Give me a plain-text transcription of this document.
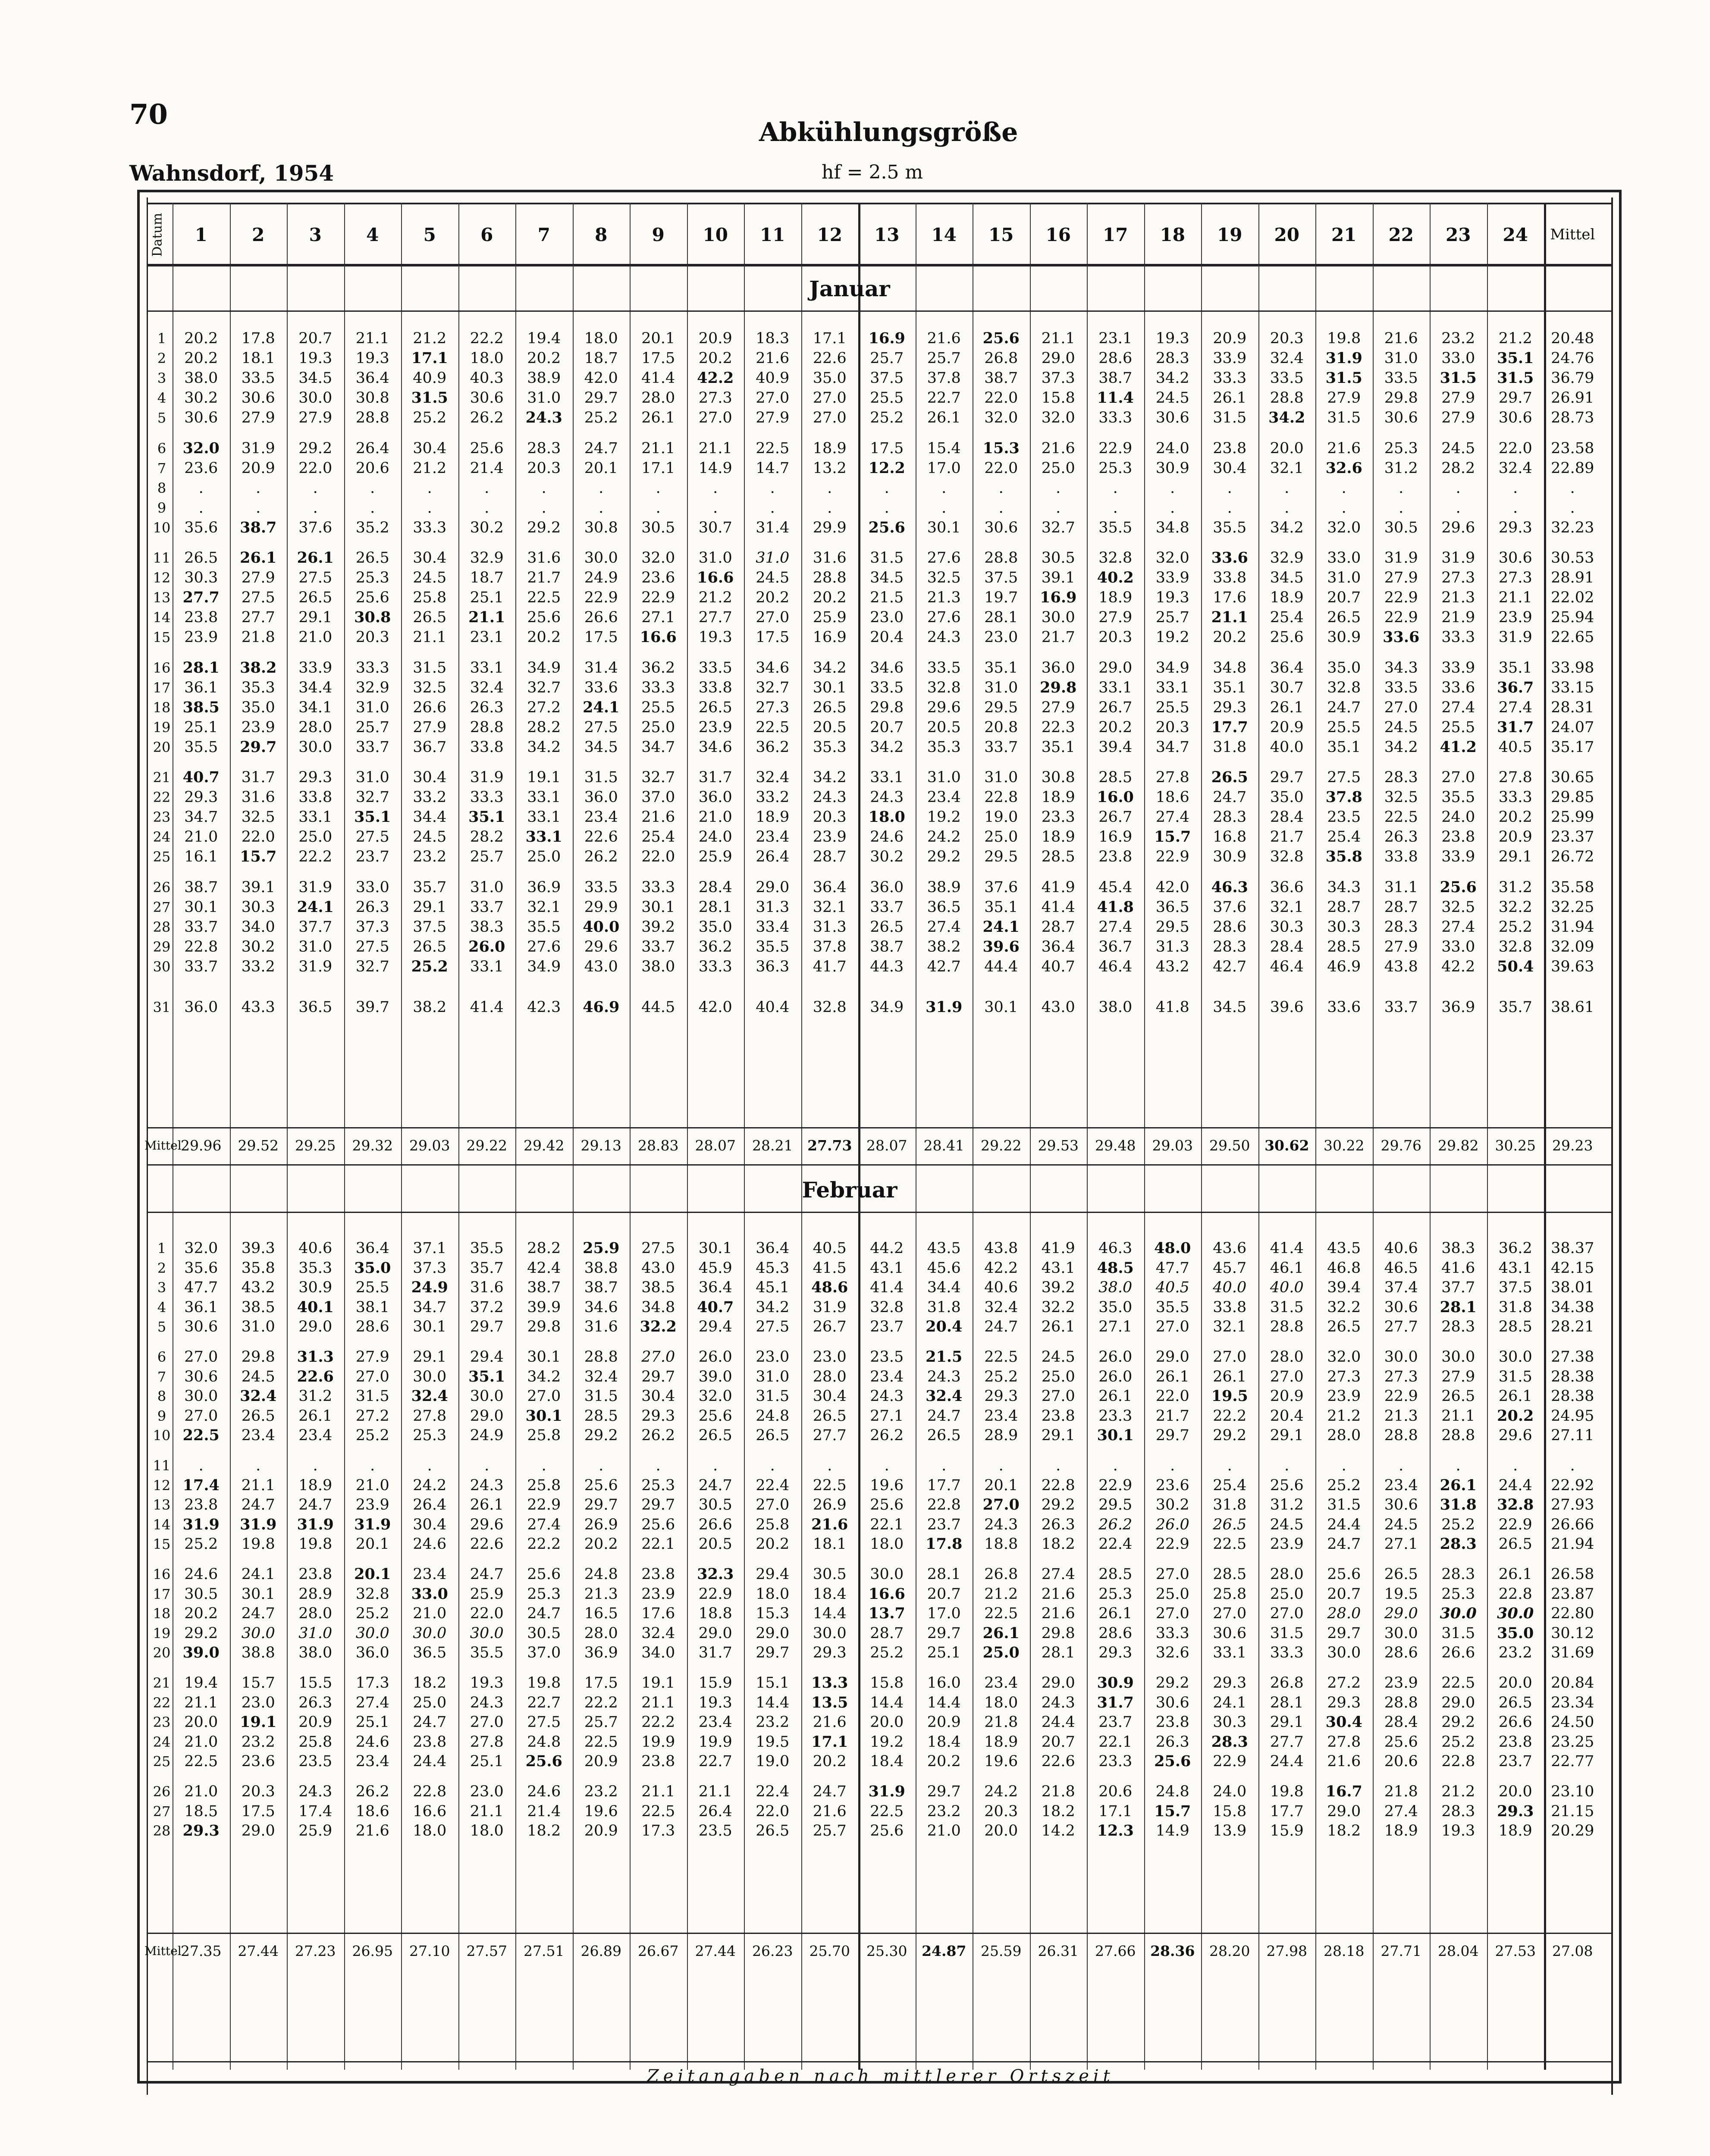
70
Abkühlungsgröße
Wahnsdorf, 1954	hf = 2.5 m
Datum	1	2	3	4	5	6	7	8	9	10	11	12	13	14	15	16	17	18	19	20	21	22	23	24	Mittel
Januar
1	20.2	17.8	20.7	21.1	21.2	22.2	19.4	18.0	20.1	20.9	18.3	17.1	16.9	21.6	25.6	21.1	23.1	19.3	20.9	20.3	19.8	21.6	23.2	21.2	20.48
2	20.2	18.1	19.3	19.3	17.1	18.0	20.2	18.7	17.5	20.2	21.6	22.6	25.7	25.7	26.8	29.0	28.6	28.3	33.9	32.4	31.9	31.0	33.0	35.1	24.76
3	38.0	33.5	34.5	36.4	40.9	40.3	38.9	42.0	41.4	42.2	40.9	35.0	37.5	37.8	38.7	37.3	38.7	34.2	33.3	33.5	31.5	33.5	31.5	31.5	36.79
4	30.2	30.6	30.0	30.8	31.5	30.6	31.0	29.7	28.0	27.3	27.0	27.0	25.5	22.7	22.0	15.8	11.4	24.5	26.1	28.8	27.9	29.8	27.9	29.7	26.91
5	30.6	27.9	27.9	28.8	25.2	26.2	24.3	25.2	26.1	27.0	27.9	27.0	25.2	26.1	32.0	32.0	33.3	30.6	31.5	34.2	31.5	30.6	27.9	30.6	28.73
6	32.0	31.9	29.2	26.4	30.4	25.6	28.3	24.7	21.1	21.1	22.5	18.9	17.5	15.4	15.3	21.6	22.9	24.0	23.8	20.0	21.6	25.3	24.5	22.0	23.58
7	23.6	20.9	22.0	20.6	21.2	21.4	20.3	20.1	17.1	14.9	14.7	13.2	12.2	17.0	22.0	25.0	25.3	30.9	30.4	32.1	32.6	31.2	28.2	32.4	22.89
8	.	.	.	.	.	.	.	.	.	.	.	.	.	.	.	.	.	.	.	.	.	.	.	.	.
9	.	.	.	.	.	.	.	.	.	.	.	.	.	.	.	.	.	.	.	.	.	.	.	.	.
10 35.6	38.7	37.6	35.2	33.3	30.2	29.2	30.8	30.5	30.7	31.4	29.9	25.6	30.1	30.6	32.7	35.5	34.8	35.5	34.2	32.0	30.5	29.6	29.3	32.23
11 26.5	26.1	26.1	26.5	30.4	32.9	31.6	30.0	32.0	31.0	31.0	31.6	31.5	27.6	28.8	30.5	32.8	32.0	33.6	32.9	33.0	31.9	31.9	30.6	30.53
12 30.3	27.9	27.5	25.3	24.5	18.7	21.7	24.9	23.6	16.6	24.5	28.8	34.5	32.5	37.5	39.1	40.2	33.9	33.8	34.5	31.0	27.9	27.3	27.3	28.91
13 27.7	27.5	26.5	25.6	25.8	25.1	22.5	22.9	22.9	21.2	20.2	20.2	21.5	21.3	19.7	16.9	18.9	19.3	17.6	18.9	20.7	22.9	21.3	21.1	22.02
14 23.8	27.7	29.1	30.8	26.5	21.1	25.6	26.6	27.1	27.7	27.0	25.9	23.0	27.6	28.1	30.0	27.9	25.7	21.1	25.4	26.5	22.9	21.9	23.9	25.94
15 23.9	21.8	21.0	20.3	21.1	23.1	20.2	17.5	16.6	19.3	17.5	16.9	20.4	24.3	23.0	21.7	20.3	19.2	20.2	25.6	30.9	33.6	33.3	31.9	22.65
16 28.1	38.2	33.9	33.3	31.5	33.1	34.9	31.4	36.2	33.5	34.6	34.2	34.6	33.5	35.1	36.0	29.0	34.9	34.8	36.4	35.0	34.3	33.9	35.1	33.98
17 36.1	35.3	34.4	32.9	32.5	32.4	32.7	33.6	33.3	33.8	32.7	30.1	33.5	32.8	31.0	29.8	33.1	33.1	35.1	30.7	32.8	33.5	33.6	36.7	33.15
18 38.5	35.0	34.1	31.0	26.6	26.3	27.2	24.1	25.5	26.5	27.3	26.5	29.8	29.6	29.5	27.9	26.7	25.5	29.3	26.1	24.7	27.0	27.4	27.4	28.31
19 25.1	23.9	28.0	25.7	27.9	28.8	28.2	27.5	25.0	23.9	22.5	20.5	20.7	20.5	20.8	22.3	20.2	20.3	17.7	20.9	25.5	24.5	25.5	31.7	24.07
20 35.5	29.7	30.0	33.7	36.7	33.8	34.2	34.5	34.7	34.6	36.2	35.3	34.2	35.3	33.7	35.1	39.4	34.7	31.8	40.0	35.1	34.2	41.2	40.5	35.17
21 40.7	31.7	29.3	31.0	30.4	31.9	19.1	31.5	32.7	31.7	32.4	34.2	33.1	31.0	31.0	30.8	28.5	27.8	26.5	29.7	27.5	28.3	27.0	27.8	30.65
22 29.3	31.6	33.8	32.7	33.2	33.3	33.1	36.0	37.0	36.0	33.2	24.3	24.3	23.4	22.8	18.9	16.0	18.6	24.7	35.0	37.8	32.5	35.5	33.3	29.85
23 34.7	32.5	33.1	35.1	34.4	35.1	33.1	23.4	21.6	21.0	18.9	20.3	18.0	19.2	19.0	23.3	26.7	27.4	28.3	28.4	23.5	22.5	24.0	20.2	25.99
24 21.0	22.0	25.0	27.5	24.5	28.2	33.1	22.6	25.4	24.0	23.4	23.9	24.6	24.2	25.0	18.9	16.9	15.7	16.8	21.7	25.4	26.3	23.8	20.9	23.37
25 16.1	15.7	22.2	23.7	23.2	25.7	25.0	26.2	22.0	25.9	26.4	28.7	30.2	29.2	29.5	28.5	23.8	22.9	30.9	32.8	35.8	33.8	33.9	29.1	26.72
26 38.7	39.1	31.9	33.0	35.7	31.0	36.9	33.5	33.3	28.4	29.0	36.4	36.0	38.9	37.6	41.9	45.4	42.0	46.3	36.6	34.3	31.1	25.6	31.2	35.58
27 30.1	30.3	24.1	26.3	29.1	33.7	32.1	29.9	30.1	28.1	31.3	32.1	33.7	36.5	35.1	41.4	41.8	36.5	37.6	32.1	28.7	28.7	32.5	32.2	32.25
28 33.7	34.0	37.7	37.3	37.5	38.3	35.5	40.0	39.2	35.0	33.4	31.3	26.5	27.4	24.1	28.7	27.4	29.5	28.6	30.3	30.3	28.3	27.4	25.2	31.94
29 22.8	30.2	31.0	27.5	26.5	26.0	27.6	29.6	33.7	36.2	35.5	37.8	38.7	38.2	39.6	36.4	36.7	31.3	28.3	28.4	28.5	27.9	33.0	32.8	32.09
30 33.7	33.2	31.9	32.7	25.2	33.1	34.9	43.0	38.0	33.3	36.3	41.7	44.3	42.7	44.4	40.7	46.4	43.2	42.7	46.4	46.9	43.8	42.2	50.4	39.63
31 36.0	43.3	36.5	39.7	38.2	41.4	42.3	46.9	44.5	42.0	40.4	32.8	34.9	31.9	30.1	43.0	38.0	41.8	34.5	39.6	33.6	33.7	36.9	35.7	38.61
Mittel
29.96	29.52	29.25	29.32	29.03	29.22	29.42	29.13	28.83	28.07	28.21	27.73	28.07	28.41	29.22	29.53	29.48	29.03	29.50	30.62	30.22	29.76	29.82	30.25	29.23
Februar
1	32.0	39.3	40.6	36.4	37.1	35.5	28.2	25.9	27.5	30.1	36.4	40.5	44.2	43.5	43.8	41.9	46.3	48.0	43.6	41.4	43.5	40.6	38.3	36.2	38.37
2	35.6	35.8	35.3	35.0	37.3	35.7	42.4	38.8	43.0	45.9	45.3	41.5	43.1	45.6	42.2	43.1	48.5	47.7	45.7	46.1	46.8	46.5	41.6	43.1	42.15
3	47.7	43.2	30.9	25.5	24.9	31.6	38.7	38.7	38.5	36.4	45.1	48.6	41.4	34.4	40.6	39.2	38.0	40.5	40.0	40.0	39.4	37.4	37.7	37.5	38.01
4	36.1	38.5	40.1	38.1	34.7	37.2	39.9	34.6	34.8	40.7	34.2	31.9	32.8	31.8	32.4	32.2	35.0	35.5	33.8	31.5	32.2	30.6	28.1	31.8	34.38
5	30.6	31.0	29.0	28.6	30.1	29.7	29.8	31.6	32.2	29.4	27.5	26.7	23.7	20.4	24.7	26.1	27.1	27.0	32.1	28.8	26.5	27.7	28.3	28.5	28.21
6	27.0	29.8	31.3	27.9	29.1	29.4	30.1	28.8	27.0	26.0	23.0	23.0	23.5	21.5	22.5	24.5	26.0	29.0	27.0	28.0	32.0	30.0	30.0	30.0	27.38
7	30.6	24.5	22.6	27.0	30.0	35.1	34.2	32.4	29.7	39.0	31.0	28.0	23.4	24.3	25.2	25.0	26.0	26.1	26.1	27.0	27.3	27.3	27.9	31.5	28.38
8	30.0	32.4	31.2	31.5	32.4	30.0	27.0	31.5	30.4	32.0	31.5	30.4	24.3	32.4	29.3	27.0	26.1	22.0	19.5	20.9	23.9	22.9	26.5	26.1	28.38
9	27.0	26.5	26.1	27.2	27.8	29.0	30.1	28.5	29.3	25.6	24.8	26.5	27.1	24.7	23.4	23.8	23.3	21.7	22.2	20.4	21.2	21.3	21.1	20.2	24.95
10 22.5	23.4	23.4	25.2	25.3	24.9	25.8	29.2	26.2	26.5	26.5	27.7	26.2	26.5	28.9	29.1	30.1	29.7	29.2	29.1	28.0	28.8	28.8	29.6	27.11
11	.	.	.	.	.	.	.	.	.	.	.	.	.	.	.	.	.	.	.	.	.	.	.	.	.
12 17.4	21.1	18.9	21.0	24.2	24.3	25.8	25.6	25.3	24.7	22.4	22.5	19.6	17.7	20.1	22.8	22.9	23.6	25.4	25.6	25.2	23.4	26.1	24.4	22.92
13 23.8	24.7	24.7	23.9	26.4	26.1	22.9	29.7	29.7	30.5	27.0	26.9	25.6	22.8	27.0	29.2	29.5	30.2	31.8	31.2	31.5	30.6	31.8	32.8	27.93
14 31.9	31.9	31.9	31.9	30.4	29.6	27.4	26.9	25.6	26.6	25.8	21.6	22.1	23.7	24.3	26.3	26.2	26.0	26.5	24.5	24.4	24.5	25.2	22.9	26.66
15 25.2	19.8	19.8	20.1	24.6	22.6	22.2	20.2	22.1	20.5	20.2	18.1	18.0	17.8	18.8	18.2	22.4	22.9	22.5	23.9	24.7	27.1	28.3	26.5	21.94
16 24.6	24.1	23.8	20.1	23.4	24.7	25.6	24.8	23.8	32.3	29.4	30.5	30.0	28.1	26.8	27.4	28.5	27.0	28.5	28.0	25.6	26.5	28.3	26.1	26.58
17 30.5	30.1	28.9	32.8	33.0	25.9	25.3	21.3	23.9	22.9	18.0	18.4	16.6	20.7	21.2	21.6	25.3	25.0	25.8	25.0	20.7	19.5	25.3	22.8	23.87
18 20.2	24.7	28.0	25.2	21.0	22.0	24.7	16.5	17.6	18.8	15.3	14.4	13.7	17.0	22.5	21.6	26.1	27.0	27.0	27.0	28.0	29.0	30.0	30.0	22.80
19 29.2	30.0	31.0	30.0	30.0	30.0	30.5	28.0	32.4	29.0	29.0	30.0	28.7	29.7	26.1	29.8	28.6	33.3	30.6	31.5	29.7	30.0	31.5	35.0	30.12
20 39.0	38.8	38.0	36.0	36.5	35.5	37.0	36.9	34.0	31.7	29.7	29.3	25.2	25.1	25.0	28.1	29.3	32.6	33.1	33.3	30.0	28.6	26.6	23.2	31.69
21 19.4	15.7	15.5	17.3	18.2	19.3	19.8	17.5	19.1	15.9	15.1	13.3	15.8	16.0	23.4	29.0	30.9	29.2	29.3	26.8	27.2	23.9	22.5	20.0	20.84
22 21.1	23.0	26.3	27.4	25.0	24.3	22.7	22.2	21.1	19.3	14.4	13.5	14.4	14.4	18.0	24.3	31.7	30.6	24.1	28.1	29.3	28.8	29.0	26.5	23.34
23 20.0	19.1	20.9	25.1	24.7	27.0	27.5	25.7	22.2	23.4	23.2	21.6	20.0	20.9	21.8	24.4	23.7	23.8	30.3	29.1	30.4	28.4	29.2	26.6	24.50
24 21.0	23.2	25.8	24.6	23.8	27.8	24.8	22.5	19.9	19.9	19.5	17.1	19.2	18.4	18.9	20.7	22.1	26.3	28.3	27.7	27.8	25.6	25.2	23.8	23.25
25 22.5	23.6	23.5	23.4	24.4	25.1	25.6	20.9	23.8	22.7	19.0	20.2	18.4	20.2	19.6	22.6	23.3	25.6	22.9	24.4	21.6	20.6	22.8	23.7	22.77
26 21.0	20.3	24.3	26.2	22.8	23.0	24.6	23.2	21.1	21.1	22.4	24.7	31.9	29.7	24.2	21.8	20.6	24.8	24.0	19.8	16.7	21.8	21.2	20.0	23.10
27 18.5	17.5	17.4	18.6	16.6	21.1	21.4	19.6	22.5	26.4	22.0	21.6	22.5	23.2	20.3	18.2	17.1	15.7	15.8	17.7	29.0	27.4	28.3	29.3	21.15
28 29.3	29.0	25.9	21.6	18.0	18.0	18.2	20.9	17.3	23.5	26.5	25.7	25.6	21.0	20.0	14.2	12.3	14.9	13.9	15.9	18.2	18.9	19.3	18.9	20.29
Mittel
27.35	27.44	27.23	26.95	27.10	27.57	27.51	26.89	26.67	27.44	26.23	25.70	25.30	24.87	25.59	26.31	27.66	28.36	28.20	27.98	28.18	27.71	28.04	27.53	27.08
Zeitangaben nach mittlerer Ortszeit
